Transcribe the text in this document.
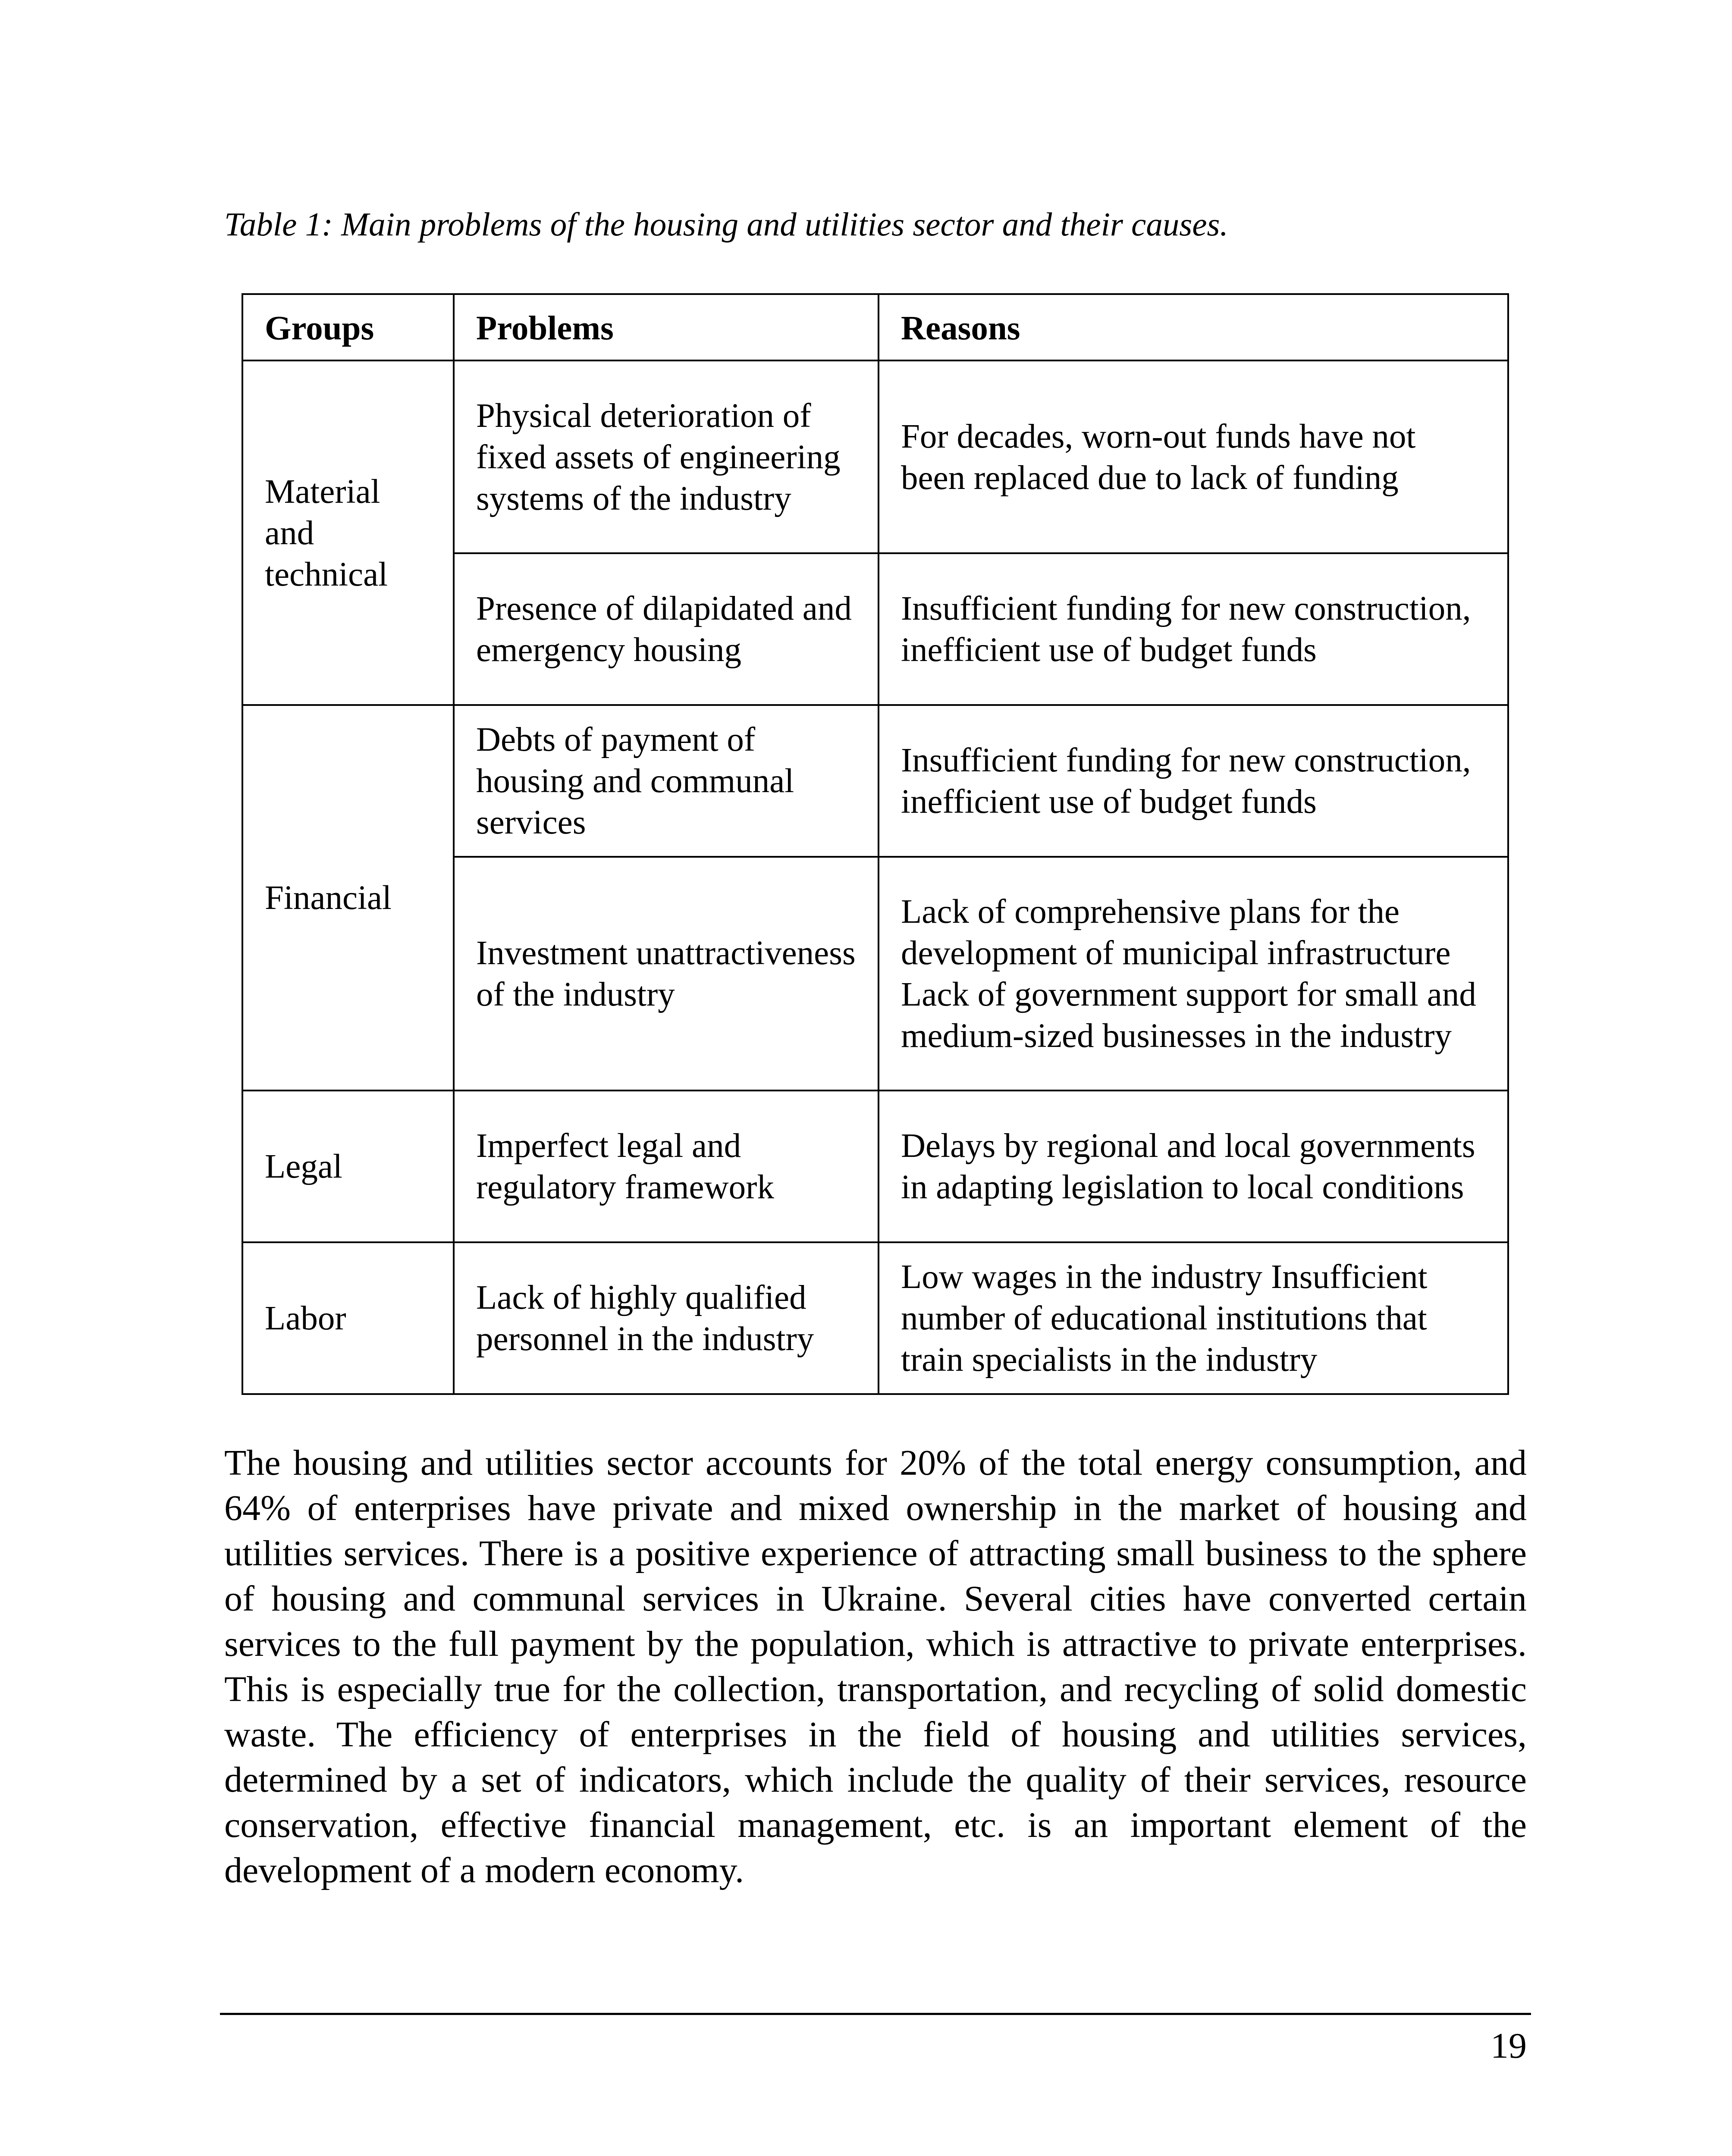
Table 1: Main problems of the housing and utilities sector and their causes.

Groups	Problems	Reasons
Material and technical	Physical deterioration of fixed assets of engineering systems of the industry	For decades, worn-out funds have not been replaced due to lack of funding
	Presence of dilapidated and emergency housing	Insufficient funding for new construction, inefficient use of budget funds
Financial	Debts of payment of housing and communal services	Insufficient funding for new construction, inefficient use of budget funds
	Investment unattractiveness of the industry	Lack of comprehensive plans for the development of municipal infrastructure Lack of government support for small and medium-sized businesses in the industry
Legal	Imperfect legal and regulatory framework	Delays by regional and local governments in adapting legislation to local conditions
Labor	Lack of highly qualified personnel in the industry	Low wages in the industry Insufficient number of educational institutions that train specialists in the industry

The housing and utilities sector accounts for 20% of the total energy consumption, and 64% of enterprises have private and mixed ownership in the market of housing and utilities services. There is a positive experience of attracting small business to the sphere of housing and communal services in Ukraine. Several cities have converted certain services to the full payment by the population, which is attractive to private enterprises. This is especially true for the collection, transportation, and recycling of solid domestic waste. The efficiency of enterprises in the field of housing and utilities services, determined by a set of indicators, which include the quality of their services, resource conservation, effective financial management, etc. is an important element of the development of a modern economy.

19
